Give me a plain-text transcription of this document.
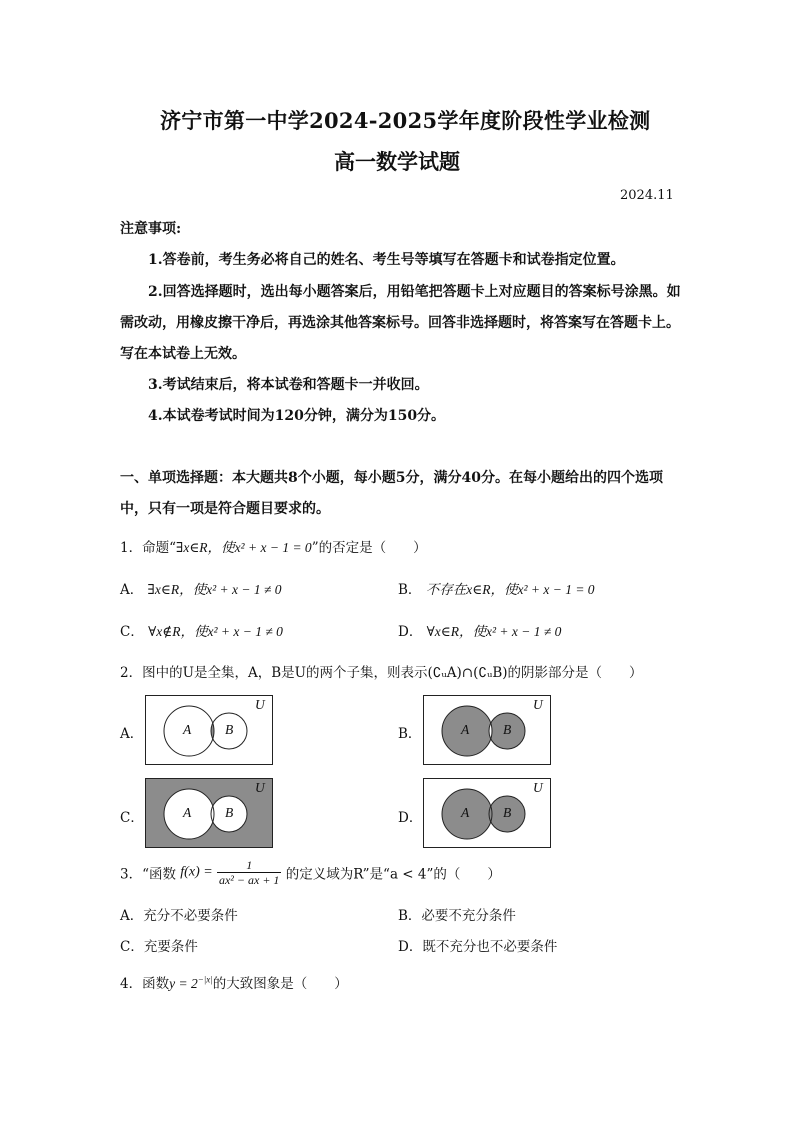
济宁市第一中学2024-2025学年度阶段性学业检测
高一数学试题
2024.11
注意事项:
1.答卷前，考生务必将自己的姓名、考生号等填写在答题卡和试卷指定位置。
2.回答选择题时，选出每小题答案后，用铅笔把答题卡上对应题目的答案标号涂黑。如
需改动，用橡皮擦干净后，再选涂其他答案标号。回答非选择题时，将答案写在答题卡上。
写在本试卷上无效。
3.考试结束后，将本试卷和答题卡一并收回。
4.本试卷考试时间为120分钟，满分为150分。
一、单项选择题：本大题共8个小题，每小题5分，满分40分。在每小题给出的四个选项
中，只有一项是符合题目要求的。
1．命题“∃x∈R，使x² + x − 1 = 0”的否定是（　　）
A． ∃x∈R，使x² + x − 1 ≠ 0	B． 不存在x∈R，使x² + x − 1 = 0
C． ∀x∉R，使x² + x − 1 ≠ 0	D． ∀x∈R，使x² + x − 1 ≠ 0
2．图中的U是全集，A，B是U的两个子集，则表示(∁ᵤA)∩(∁ᵤB)的阴影部分是（　　）
A．	B．
C．	D．
U
A	B
U
A	B
U
A	B
U
A	B
3．“函数 $f(x) = \frac{1}{\text{ax² − ax + 1}}$ 的定义域为R”是“a < 4”的（　　）
A．充分不必要条件	B．必要不充分条件
C．充要条件	D．既不充分也不必要条件
4．函数$y = 2^{-|x|}$的大致图象是（　　）
